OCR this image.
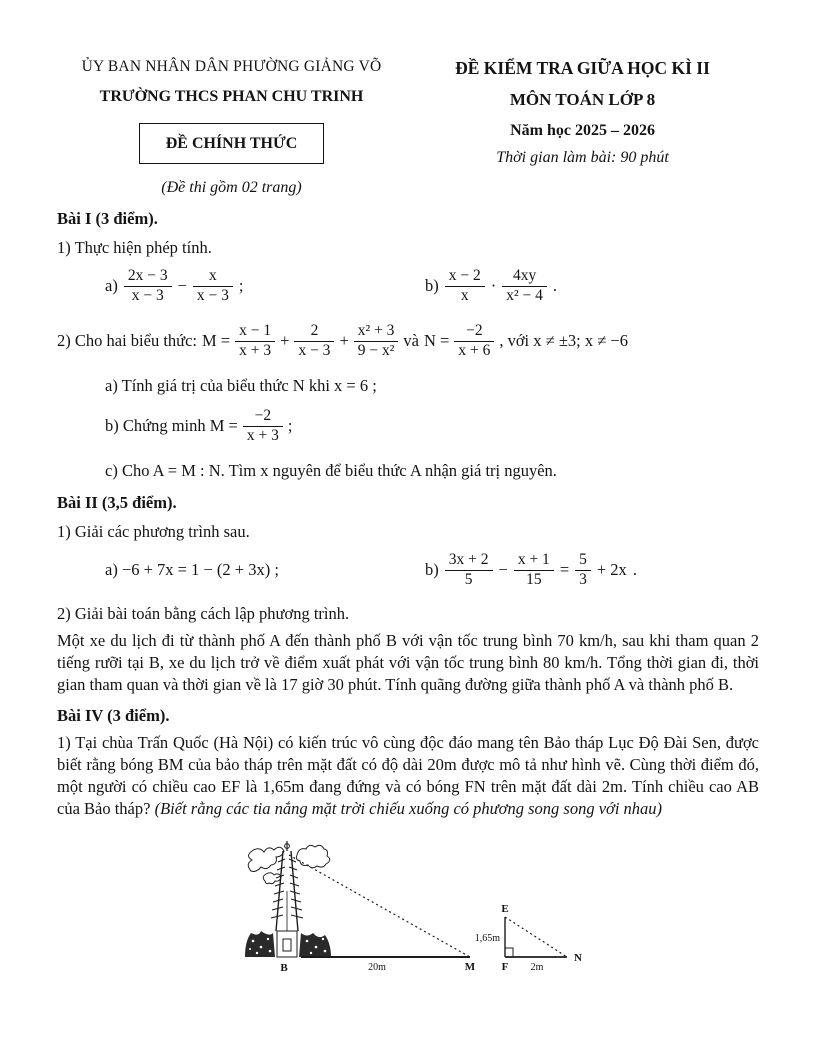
ỦY BAN NHÂN DÂN PHƯỜNG GIẢNG VÕ
TRƯỜNG THCS PHAN CHU TRINH
ĐỀ CHÍNH THỨC
(Đề thi gồm 02 trang)
ĐỀ KIỂM TRA GIỮA HỌC KÌ II
MÔN TOÁN LỚP 8
Năm học 2025 – 2026
Thời gian làm bài: 90 phút
Bài I (3 điểm).
1) Thực hiện phép tính.
$a) \frac{2x - 3}{x - 3} - \frac{x}{x - 3}$ ;	$b) \frac{x - 2}{x} \cdot \frac{4xy}{\text{x² − 4}}$ .
2) Cho hai biểu thức: $M = \frac{x - 1}{x + 3} + \frac{2}{x - 3} + \frac{\text{x² + 3}}{\text{9 − x²}}$ và $N = \frac{-2}{x + 6}$ , với x ≠ ±3; x ≠ −6
a) Tính giá trị của biểu thức N khi x = 6 ;
b) Chứng minh $M = \frac{-2}{x + 3}$ ;
c) Cho A = M : N. Tìm x nguyên để biểu thức A nhận giá trị nguyên.
Bài II (3,5 điểm).
1) Giải các phương trình sau.
a) −6 + 7x = 1 − (2 + 3x) ;	$b) \frac{3x + 2}{5} - \frac{x + 1}{15} = \frac{5}{3} + 2x$ .
2) Giải bài toán bằng cách lập phương trình.
Một xe du lịch đi từ thành phố A đến thành phố B với vận tốc trung bình 70 km/h, sau khi tham quan 2 tiếng rưỡi tại B, xe du lịch trở về điểm xuất phát với vận tốc trung bình 80 km/h. Tổng thời gian đi, thời gian tham quan và thời gian về là 17 giờ 30 phút. Tính quãng đường giữa thành phố A và thành phố B.
Bài IV (3 điểm).
1) Tại chùa Trấn Quốc (Hà Nội) có kiến trúc vô cùng độc đáo mang tên Bảo tháp Lục Độ Đài Sen, được biết rằng bóng BM của bảo tháp trên mặt đất có độ dài 20m được mô tả như hình vẽ. Cùng thời điểm đó, một người có chiều cao EF là 1,65m đang đứng và có bóng FN trên mặt đất dài 2m. Tính chiều cao AB của Bảo tháp? (Biết rằng các tia nắng mặt trời chiếu xuống có phương song song với nhau)
B	20m	M
E
1,65m
F 2m
N
